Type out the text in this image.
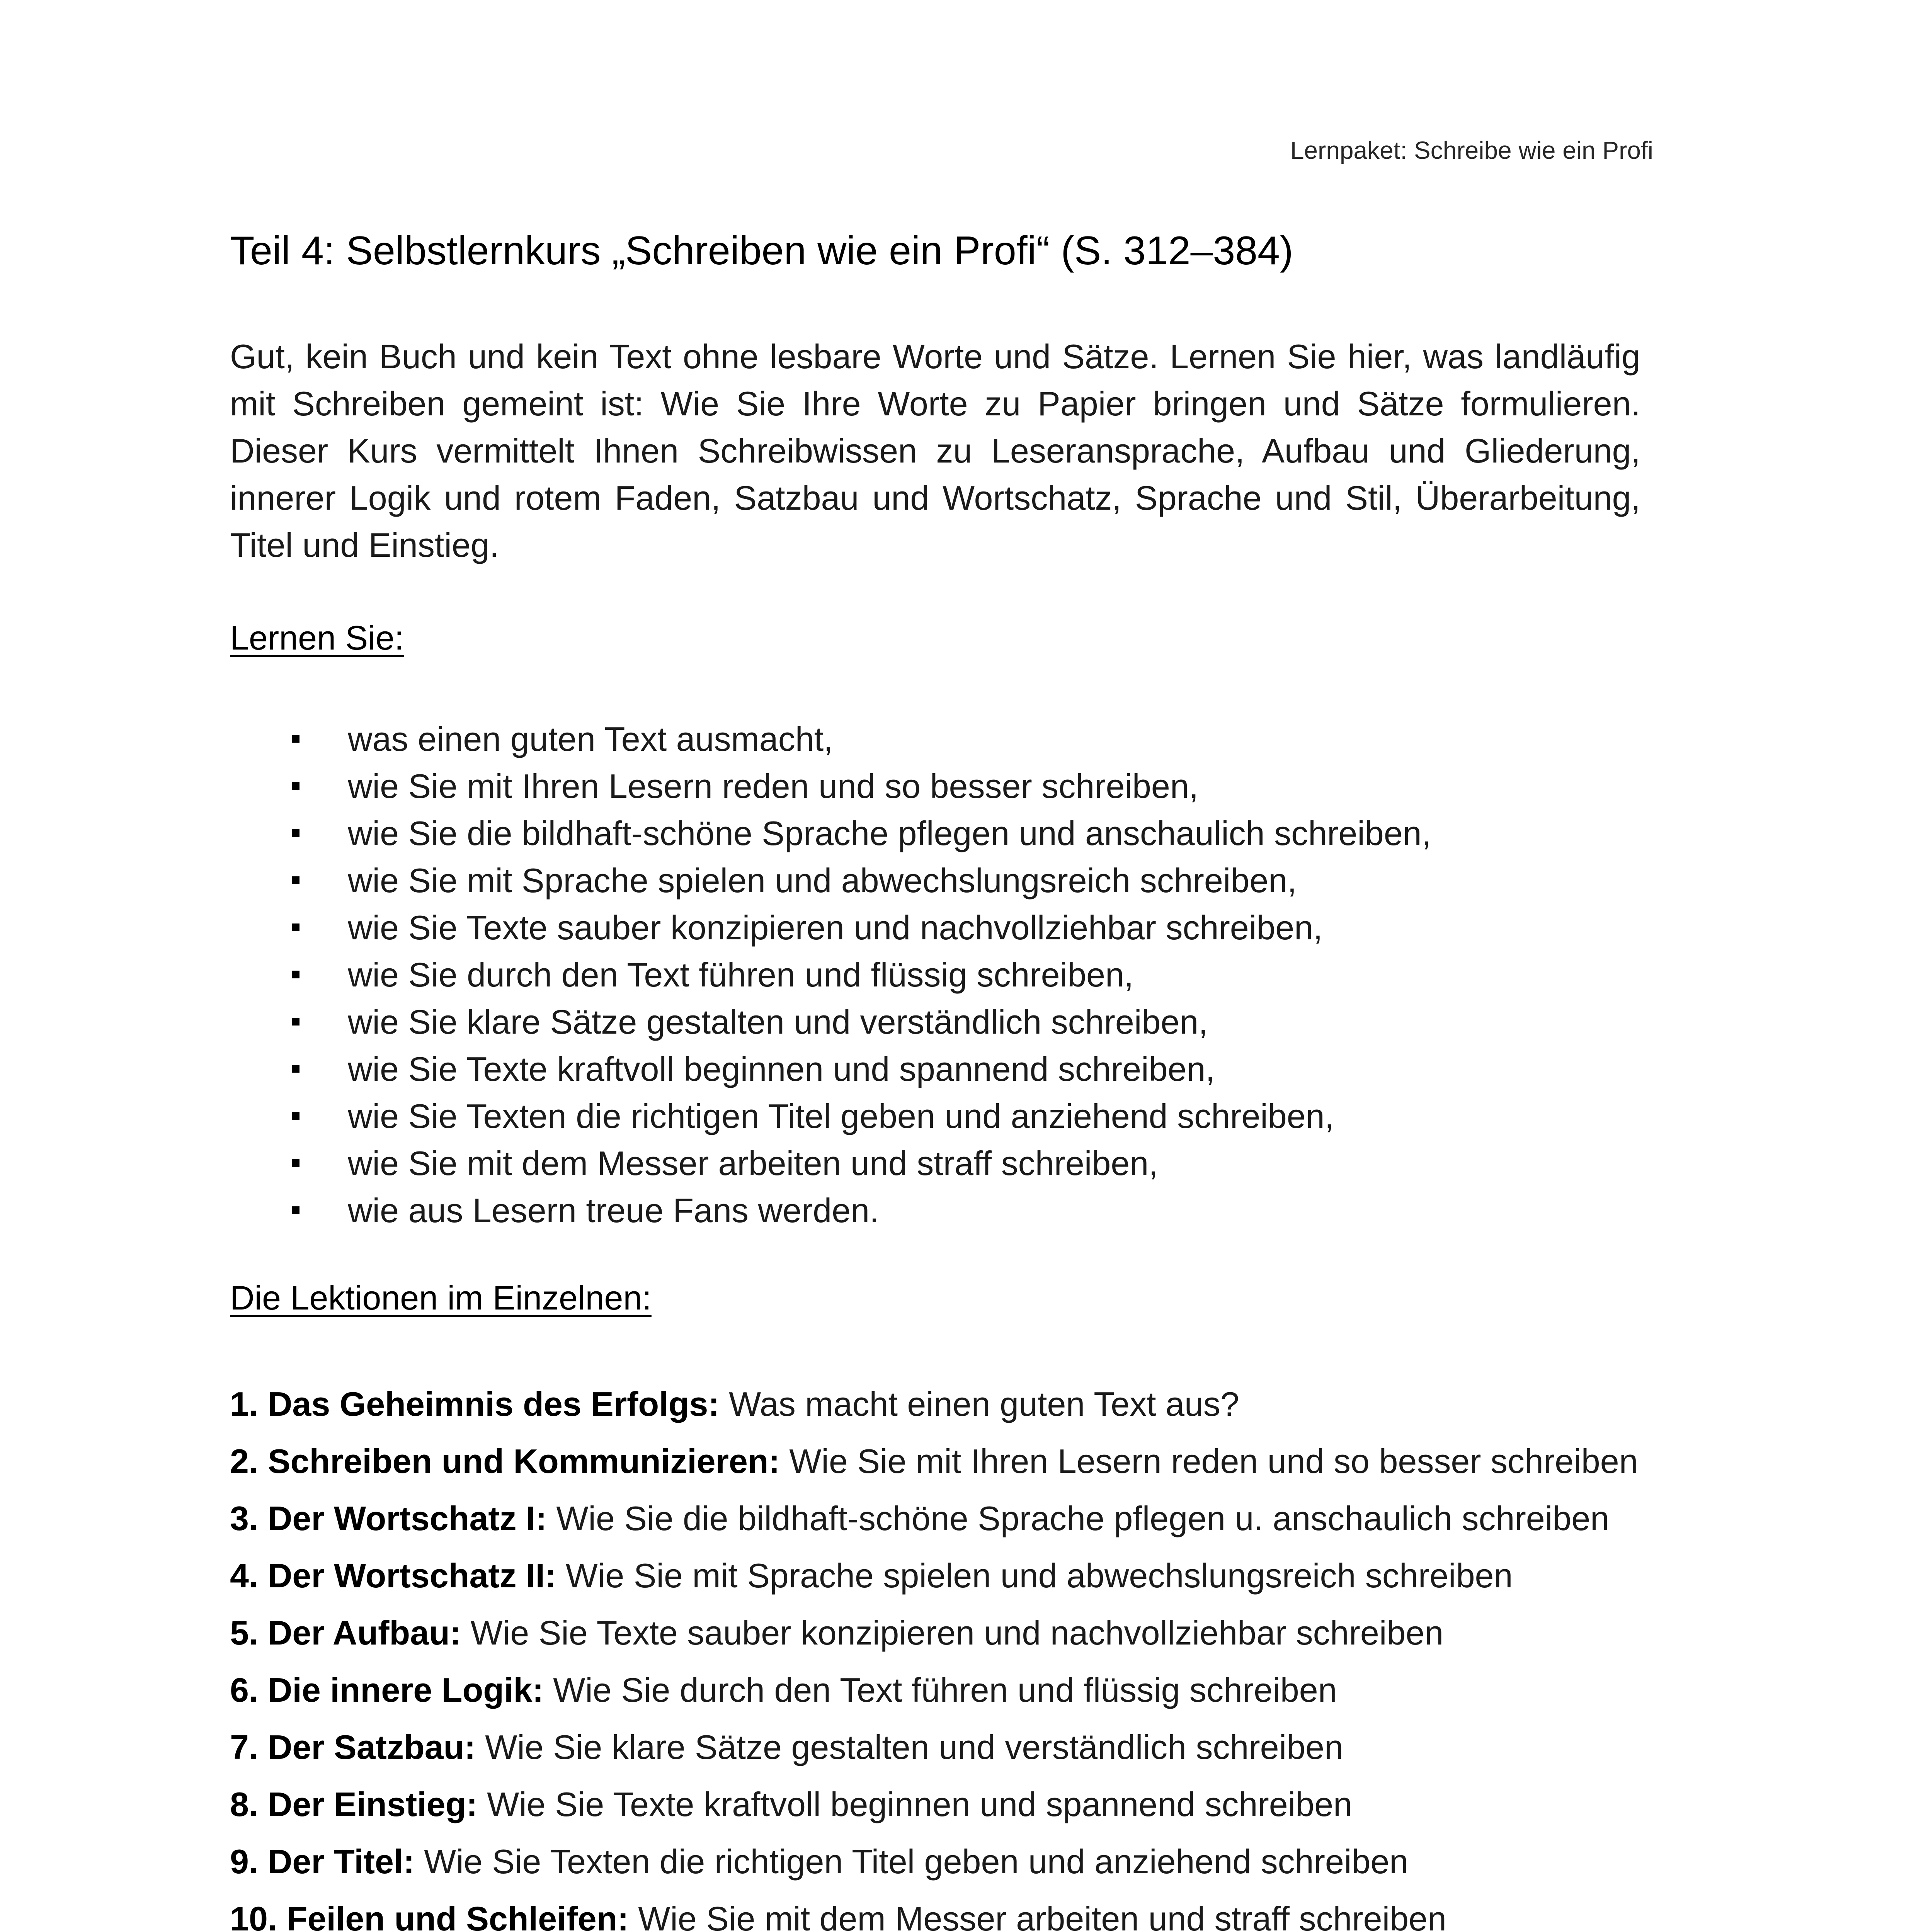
Lernpaket: Schreibe wie ein Profi
Teil 4: Selbstlernkurs „Schreiben wie ein Profi“ (S. 312–384)

Gut, kein Buch und kein Text ohne lesbare Worte und Sätze. Lernen Sie hier, was landläufig mit Schreiben gemeint ist: Wie Sie Ihre Worte zu Papier bringen und Sätze formulieren. Dieser Kurs vermittelt Ihnen Schreibwissen zu Leseransprache, Aufbau und Gliederung, innerer Logik und rotem Faden, Satzbau und Wortschatz, Sprache und Stil, Überarbeitung, Titel und Einstieg.

Lernen Sie:
was einen guten Text ausmacht,
wie Sie mit Ihren Lesern reden und so besser schreiben,
wie Sie die bildhaft-schöne Sprache pflegen und anschaulich schreiben,
wie Sie mit Sprache spielen und abwechslungsreich schreiben,
wie Sie Texte sauber konzipieren und nachvollziehbar schreiben,
wie Sie durch den Text führen und flüssig schreiben,
wie Sie klare Sätze gestalten und verständlich schreiben,
wie Sie Texte kraftvoll beginnen und spannend schreiben,
wie Sie Texten die richtigen Titel geben und anziehend schreiben,
wie Sie mit dem Messer arbeiten und straff schreiben,
wie aus Lesern treue Fans werden.
Die Lektionen im Einzelnen:
1. Das Geheimnis des Erfolgs: Was macht einen guten Text aus?
2. Schreiben und Kommunizieren: Wie Sie mit Ihren Lesern reden und so besser schreiben
3. Der Wortschatz I: Wie Sie die bildhaft-schöne Sprache pflegen u. anschaulich schreiben
4. Der Wortschatz II: Wie Sie mit Sprache spielen und abwechslungsreich schreiben
5. Der Aufbau: Wie Sie Texte sauber konzipieren und nachvollziehbar schreiben
6. Die innere Logik: Wie Sie durch den Text führen und flüssig schreiben
7. Der Satzbau: Wie Sie klare Sätze gestalten und verständlich schreiben
8. Der Einstieg: Wie Sie Texte kraftvoll beginnen und spannend schreiben
9. Der Titel: Wie Sie Texten die richtigen Titel geben und anziehend schreiben
10. Feilen und Schleifen: Wie Sie mit dem Messer arbeiten und straff schreiben
